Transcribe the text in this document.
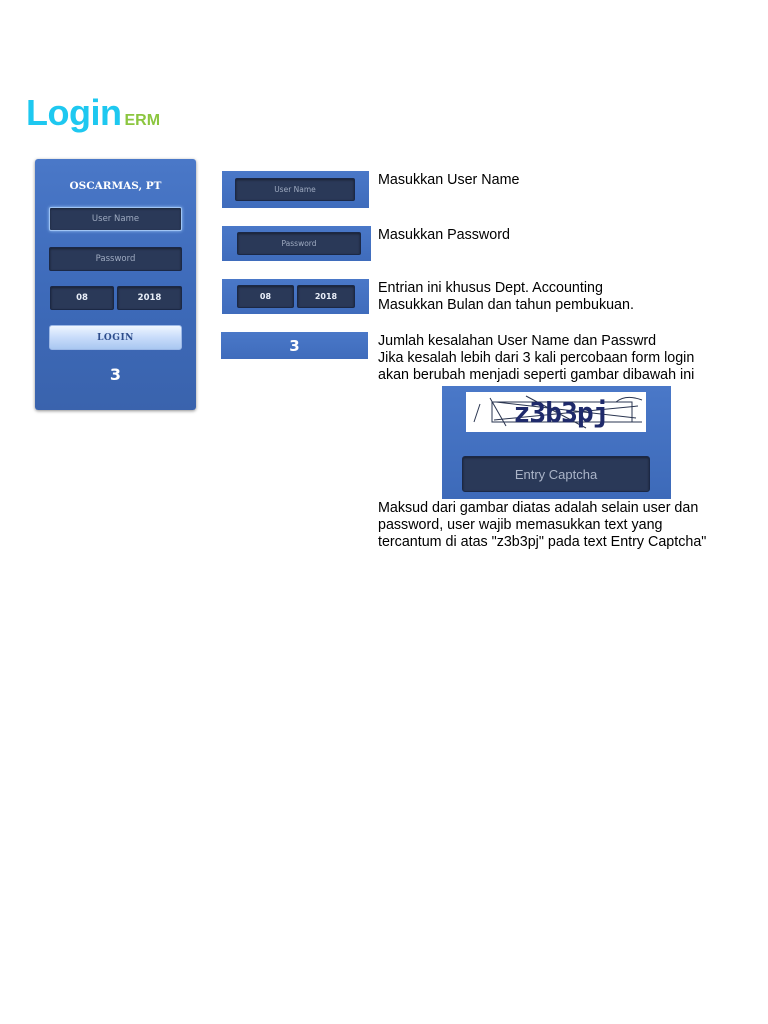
Login ERM
OSCARMAS, PT
User Name
Password
08	2018
LOGIN
3
User Name
Password
08	2018
3
Masukkan User Name
Masukkan Password
Entrian ini khusus Dept. Accounting
Masukkan Bulan dan tahun pembukuan.
Jumlah kesalahan User Name dan Passwrd
Jika kesalah lebih dari 3 kali percobaan form login
akan berubah menjadi seperti gambar dibawah ini
z3b3pj
Entry Captcha
Maksud dari gambar diatas adalah selain user dan
password, user wajib memasukkan text yang
tercantum di atas "z3b3pj" pada text Entry Captcha"
